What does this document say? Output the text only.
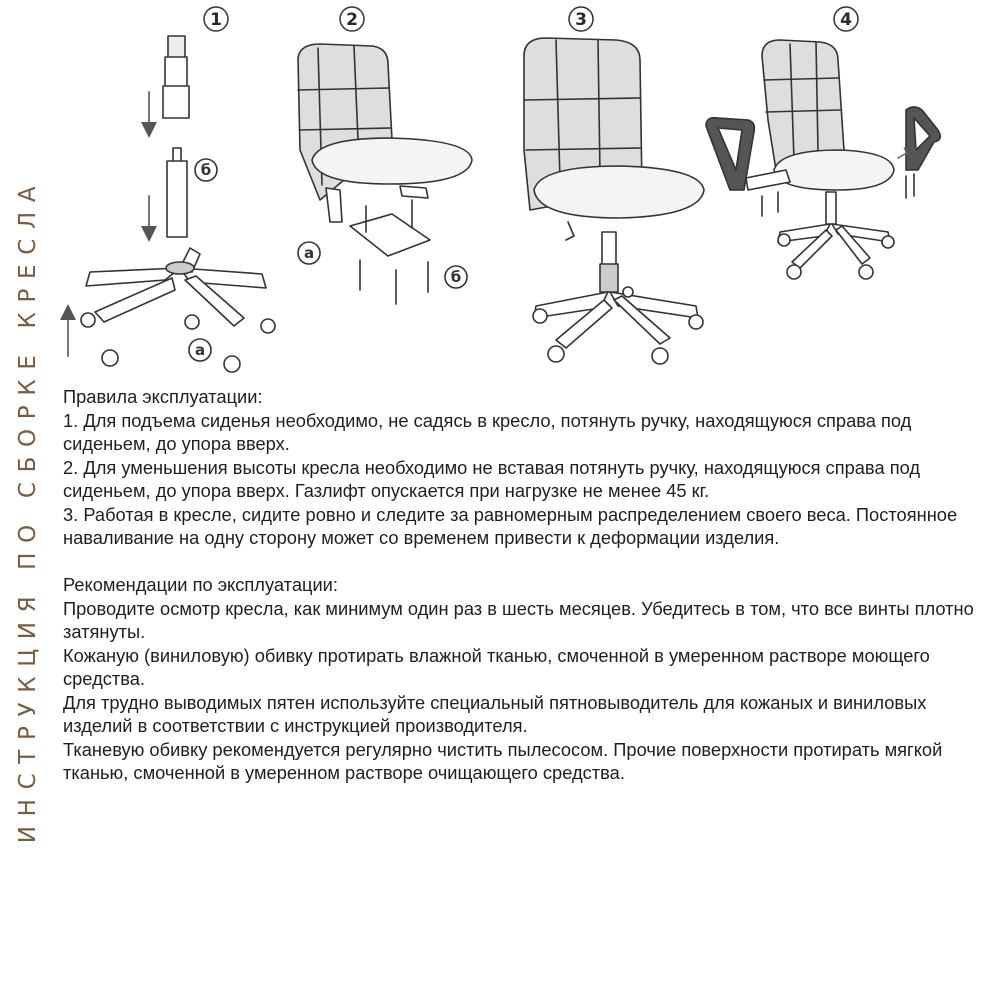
ИНСТРУКЦИЯ ПО СБОРКЕ КРЕСЛА
1
б
а
2
а
б
3	4

Правила эксплуатации:

1. Для подъема сиденья необходимо, не садясь в кресло, потянуть ручку, находящуюся справа под сиденьем, до упора вверх.

2. Для уменьшения высоты кресла необходимо не вставая потянуть ручку, находящуюся справа под сиденьем, до упора вверх. Газлифт опускается при нагрузке не менее 45 кг.

3. Работая в кресле, сидите ровно и следите за равномерным распределением своего веса. Постоянное наваливание на одну сторону может со временем привести к деформации изделия.

Рекомендации по эксплуатации:

Проводите осмотр кресла, как минимум один раз в шесть месяцев. Убедитесь в том, что все винты плотно затянуты.

Кожаную (виниловую) обивку протирать влажной тканью, смоченной в умеренном растворе моющего средства.

Для трудно выводимых пятен используйте специальный пятновыводитель для кожаных и виниловых изделий в соответствии с инструкцией производителя.

Тканевую обивку рекомендуется регулярно чистить пылесосом. Прочие поверхности протирать мягкой тканью, смоченной в умеренном растворе очищающего средства.
